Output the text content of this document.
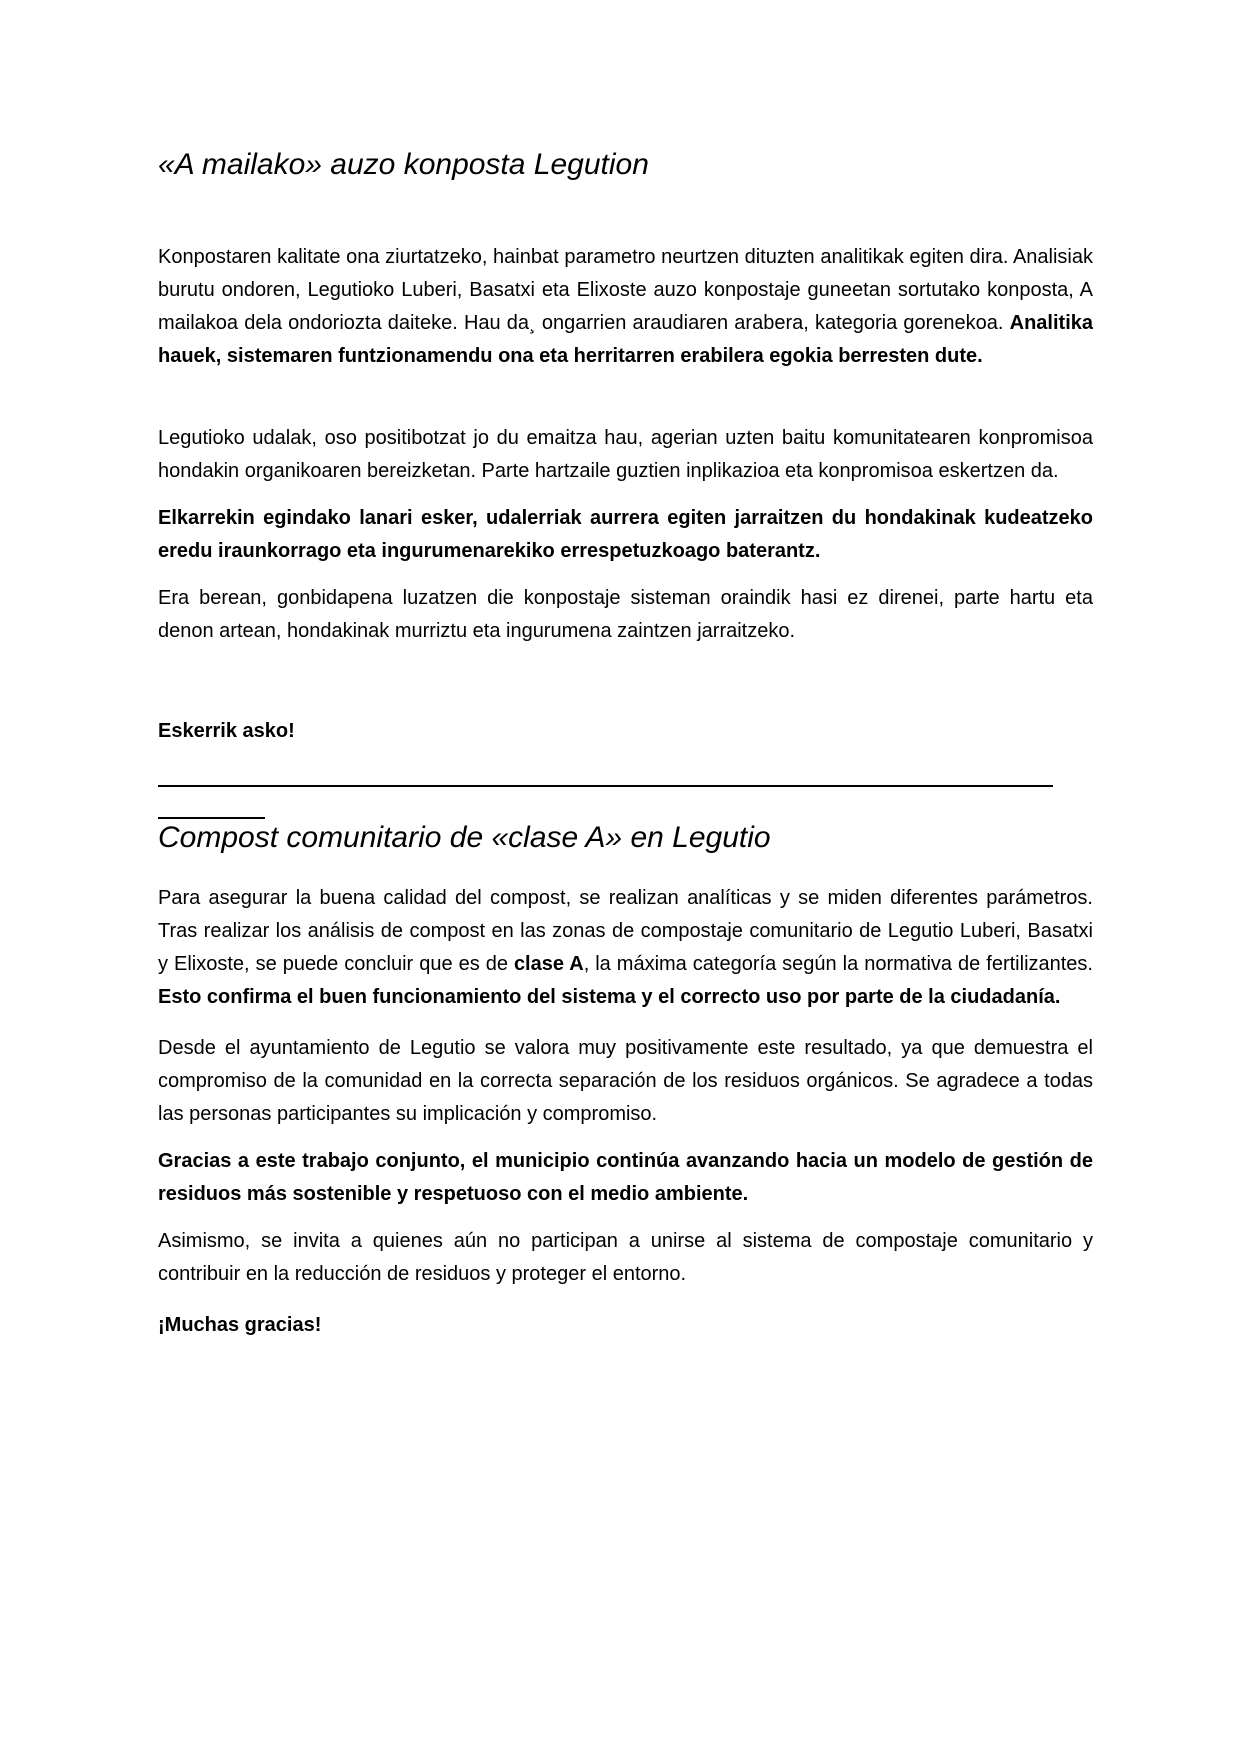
«A mailako» auzo konposta Legution

Konpostaren kalitate ona ziurtatzeko, hainbat parametro neurtzen dituzten analitikak egiten dira. Analisiak burutu ondoren, Legutioko Luberi, Basatxi eta Elixoste auzo konpostaje guneetan sortutako konposta, A mailakoa dela ondoriozta daiteke. Hau da¸ ongarrien araudiaren arabera, kategoria gorenekoa. Analitika hauek, sistemaren funtzionamendu ona eta herritarren erabilera egokia berresten dute.

Legutioko udalak, oso positibotzat jo du emaitza hau, agerian uzten baitu komunitatearen konpromisoa hondakin organikoaren bereizketan. Parte hartzaile guztien inplikazioa eta konpromisoa eskertzen da.

Elkarrekin egindako lanari esker, udalerriak aurrera egiten jarraitzen du hondakinak kudeatzeko eredu iraunkorrago eta ingurumenarekiko errespetuzkoago baterantz.

Era berean, gonbidapena luzatzen die konpostaje sisteman oraindik hasi ez direnei, parte hartu eta denon artean, hondakinak murriztu eta ingurumena zaintzen jarraitzeko.

Eskerrik asko!

Compost comunitario de «clase A» en Legutio

Para asegurar la buena calidad del compost, se realizan analíticas y se miden diferentes parámetros. Tras realizar los análisis de compost en las zonas de compostaje comunitario de Legutio Luberi, Basatxi y Elixoste, se puede concluir que es de clase A, la máxima categoría según la normativa de fertilizantes. Esto confirma el buen funcionamiento del sistema y el correcto uso por parte de la ciudadanía.

Desde el ayuntamiento de Legutio se valora muy positivamente este resultado, ya que demuestra el compromiso de la comunidad en la correcta separación de los residuos orgánicos. Se agradece a todas las personas participantes su implicación y compromiso.

Gracias a este trabajo conjunto, el municipio continúa avanzando hacia un modelo de gestión de residuos más sostenible y respetuoso con el medio ambiente.

Asimismo, se invita a quienes aún no participan a unirse al sistema de compostaje comunitario y contribuir en la reducción de residuos y proteger el entorno.

¡Muchas gracias!
